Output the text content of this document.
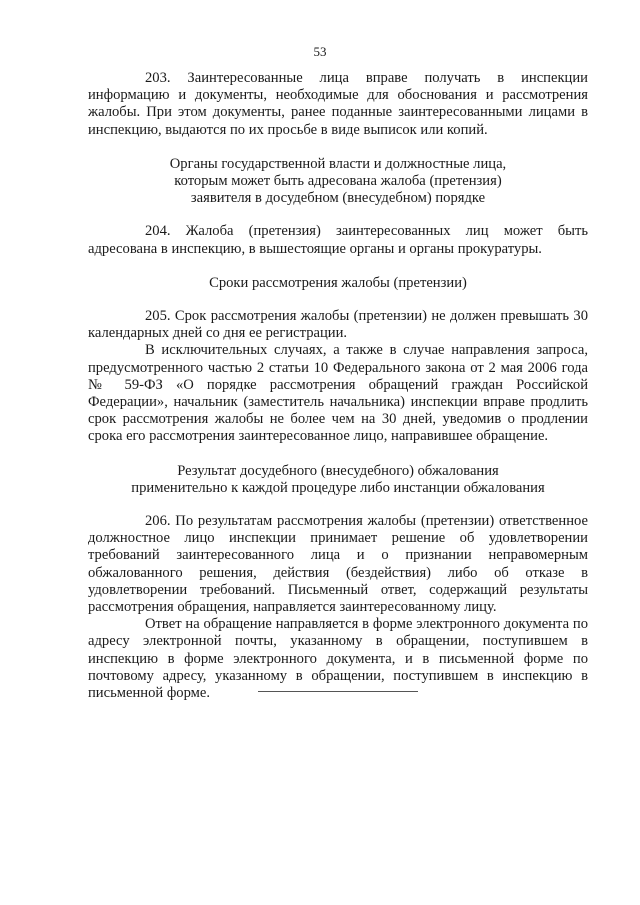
53

203. Заинтересованные лица вправе получать в инспекции информацию и документы, необходимые для обоснования и рассмотрения жалобы. При этом документы, ранее поданные заинтересованными лицами в инспекцию, выдаются по их просьбе в виде выписок или копий.

Органы государственной власти и должностные лица,

которым может быть адресована жалоба (претензия)

заявителя в досудебном (внесудебном) порядке

204. Жалоба (претензия) заинтересованных лиц может быть адресована в инспекцию, в вышестоящие органы и органы прокуратуры.

Сроки рассмотрения жалобы (претензии)

205. Срок рассмотрения жалобы (претензии) не должен превышать 30 календарных дней со дня ее регистрации.

В исключительных случаях, а также в случае направления запроса, предусмотренного частью 2 статьи 10 Федерального закона от 2 мая 2006 года № 59-ФЗ «О порядке рассмотрения обращений граждан Российской Федерации», начальник (заместитель начальника) инспекции вправе продлить срок рассмотрения жалобы не более чем на 30 дней, уведомив о продлении срока его рассмотрения заинтересованное лицо, направившее обращение.

Результат досудебного (внесудебного) обжалования

применительно к каждой процедуре либо инстанции обжалования

206. По результатам рассмотрения жалобы (претензии) ответственное должностное лицо инспекции принимает решение об удовлетворении требований заинтересованного лица и о признании неправомерным обжалованного решения, действия (бездействия) либо об отказе в удовлетворении требований. Письменный ответ, содержащий результаты рассмотрения обращения, направляется заинтересованному лицу.

Ответ на обращение направляется в форме электронного документа по адресу электронной почты, указанному в обращении, поступившем в инспекцию в форме электронного документа, и в письменной форме по почтовому адресу, указанному в обращении, поступившем в инспекцию в письменной форме.
